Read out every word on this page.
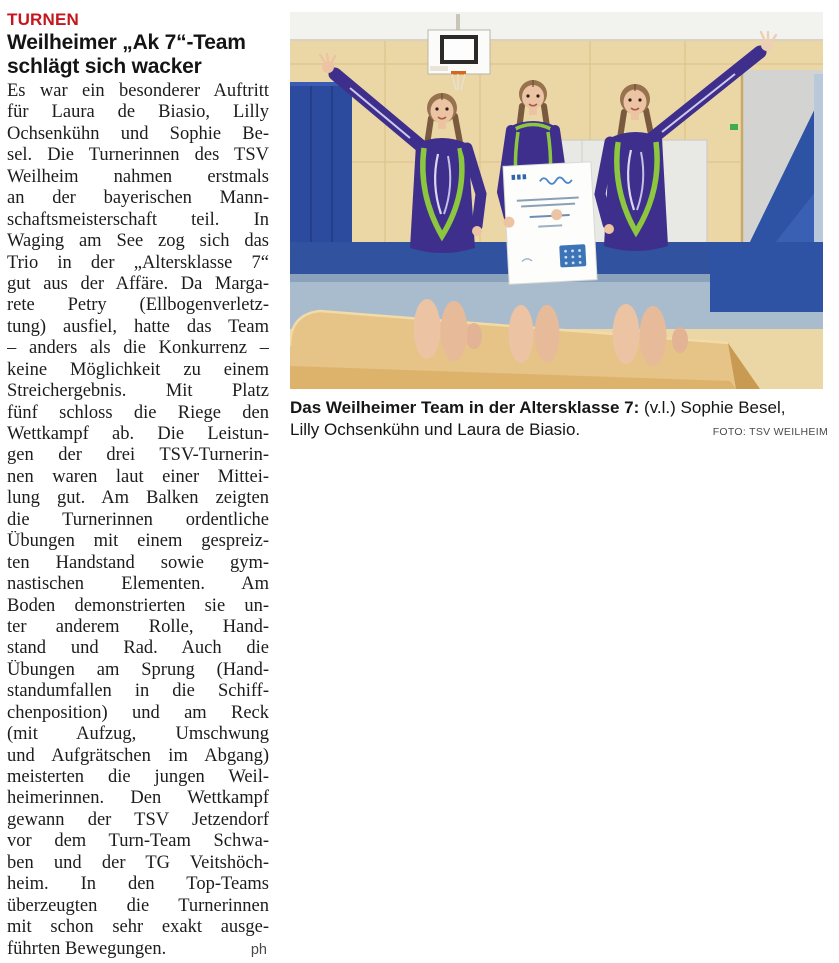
TURNEN
Weilheimer „Ak 7“-Team
schlägt sich wacker
Es war ein besonderer Auftritt
für Laura de Biasio, Lilly
Ochsenkühn und Sophie Be-
sel. Die Turnerinnen des TSV
Weilheim nahmen erstmals
an der bayerischen Mann-
schaftsmeisterschaft teil. In
Waging am See zog sich das
Trio in der „Altersklasse 7“
gut aus der Affäre. Da Marga-
rete Petry (Ellbogenverletz-
tung) ausfiel, hatte das Team
– anders als die Konkurrenz –
keine Möglichkeit zu einem
Streichergebnis. Mit Platz
fünf schloss die Riege den
Wettkampf ab. Die Leistun-
gen der drei TSV-Turnerin-
nen waren laut einer Mittei-
lung gut. Am Balken zeigten
die Turnerinnen ordentliche
Übungen mit einem gespreiz-
ten Handstand sowie gym-
nastischen Elementen. Am
Boden demonstrierten sie un-
ter anderem Rolle, Hand-
stand und Rad. Auch die
Übungen am Sprung (Hand-
standumfallen in die Schiff-
chenposition) und am Reck
(mit Aufzug, Umschwung
und Aufgrätschen im Abgang)
meisterten die jungen Weil-
heimerinnen. Den Wettkampf
gewann der TSV Jetzendorf
vor dem Turn-Team Schwa-
ben und der TG Veitshöch-
heim. In den Top-Teams
überzeugten die Turnerinnen
mit schon sehr exakt ausge-
führten Bewegungen.	ph
Das Weilheimer Team in der Altersklasse 7: (v.l.) Sophie Besel,
Lilly Ochsenkühn und Laura de Biasio.	FOTO: TSV WEILHEIM
